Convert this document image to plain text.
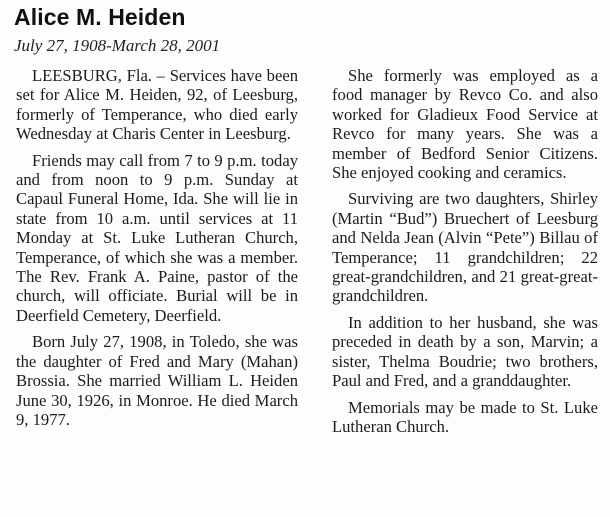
Alice M. Heiden
July 27, 1908-March 28, 2001

LEESBURG, Fla. – Services have been set for Alice M. Heiden, 92, of Leesburg, formerly of Temperance, who died early Wednesday at Charis Center in Leesburg.

Friends may call from 7 to 9 p.m. today and from noon to 9 p.m. Sunday at Capaul Funeral Home, Ida. She will lie in state from 10 a.m. until services at 11 Monday at St. Luke Lutheran Church, Temperance, of which she was a member. The Rev. Frank A. Paine, pastor of the church, will officiate. Burial will be in Deerfield Cemetery, Deerfield.

Born July 27, 1908, in Toledo, she was the daughter of Fred and Mary (Mahan) Brossia. She married William L. Heiden June 30, 1926, in Monroe. He died March 9, 1977.

She formerly was employed as a food manager by Revco Co. and also worked for Gladieux Food Service at Revco for many years. She was a member of Bedford Senior Citizens. She enjoyed cooking and ceramics.

Surviving are two daughters, Shirley (Martin “Bud”) Bruechert of Leesburg and Nelda Jean (Alvin “Pete”) Billau of Temperance; 11 grandchildren; 22 great-grandchildren, and 21 great-great-grandchildren.

In addition to her husband, she was preceded in death by a son, Marvin; a sister, Thelma Boudrie; two brothers, Paul and Fred, and a granddaughter.

Memorials may be made to St. Luke Lutheran Church.
